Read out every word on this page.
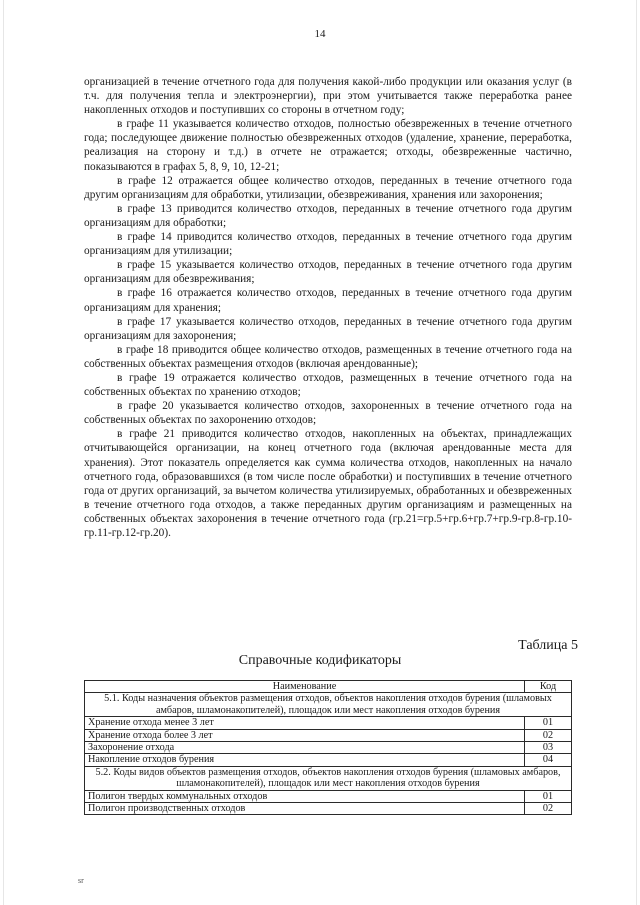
14

организацией в течение отчетного года для получения какой-либо продукции или оказания услуг (в т.ч. для получения тепла и электроэнергии), при этом учитывается также переработка ранее накопленных отходов и поступивших со стороны в отчетном году;

в графе 11 указывается количество отходов, полностью обезвреженных в течение отчетного года; последующее движение полностью обезвреженных отходов (удаление, хранение, переработка, реализация на сторону и т.д.) в отчете не отражается; отходы, обезвреженные частично, показываются в графах 5, 8, 9, 10, 12-21;

в графе 12 отражается общее количество отходов, переданных в течение отчетного года другим организациям для обработки, утилизации, обезвреживания, хранения или захоронения;

в графе 13 приводится количество отходов, переданных в течение отчетного года другим организациям для обработки;

в графе 14 приводится количество отходов, переданных в течение отчетного года другим организациям для утилизации;

в графе 15 указывается количество отходов, переданных в течение отчетного года другим организациям для обезвреживания;

в графе 16 отражается количество отходов, переданных в течение отчетного года другим организациям для хранения;

в графе 17 указывается количество отходов, переданных в течение отчетного года другим организациям для захоронения;

в графе 18 приводится общее количество отходов, размещенных в течение отчетного года на собственных объектах размещения отходов (включая арендованные);

в графе 19 отражается количество отходов, размещенных в течение отчетного года на собственных объектах по хранению отходов;

в графе 20 указывается количество отходов, захороненных в течение отчетного года на собственных объектах по захоронению отходов;

в графе 21 приводится количество отходов, накопленных на объектах, принадлежащих отчитывающейся организации, на конец отчетного года (включая арендованные места для хранения). Этот показатель определяется как сумма количества отходов, накопленных на начало отчетного года, образовавшихся (в том числе после обработки) и поступивших в течение отчетного года от других организаций, за вычетом количества утилизируемых, обработанных и обезвреженных в течение отчетного года отходов, а также переданных другим организациям и размещенных на собственных объектах захоронения в течение отчетного года (гр.21=гр.5+гр.6+гр.7+гр.9-гр.8-гр.10-гр.11-гр.12-гр.20).

Таблица 5
Справочные кодификаторы
Наименование	Код
5.1. Коды назначения объектов размещения отходов, объектов накопления отходов бурения (шламовых амбаров, шламонакопителей), площадок или мест накопления отходов бурения	
Хранение отхода менее 3 лет	01
Хранение отхода более 3 лет	02
Захоронение отхода	03
Накопление отходов бурения	04
5.2. Коды видов объектов размещения отходов, объектов накопления отходов бурения (шламовых амбаров, шламонакопителей), площадок или мест накопления отходов бурения	
Полигон твердых коммунальных отходов	01
Полигон производственных отходов	02
sr
